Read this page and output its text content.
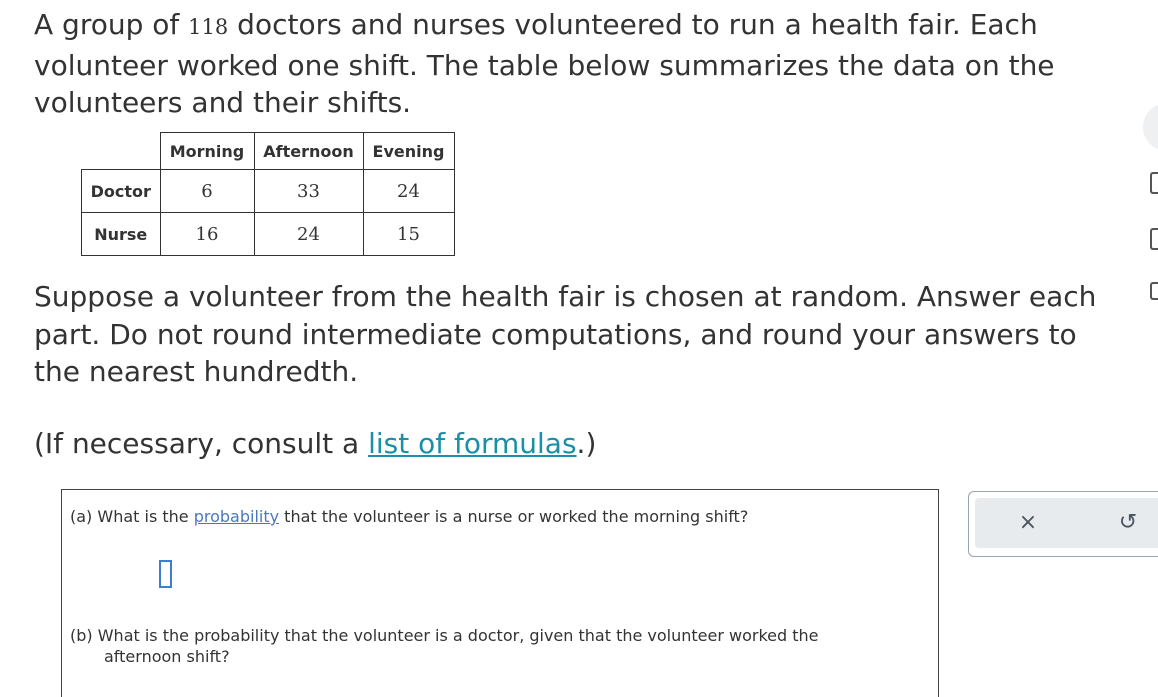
A group of 118 doctors and nurses volunteered to run a health fair. Each volunteer worked one shift. The table below summarizes the data on the volunteers and their shifts.

	Morning	Afternoon	Evening
Doctor	6	33	24
Nurse	16	24	15

Suppose a volunteer from the health fair is chosen at random. Answer each part. Do not round intermediate computations, and round your answers to the nearest hundredth.

(If necessary, consult a list of formulas.)

(a) What is the probability that the volunteer is a nurse or worked the morning shift?

(b) What is the probability that the volunteer is a doctor, given that the volunteer worked the
afternoon shift?

×	↺
